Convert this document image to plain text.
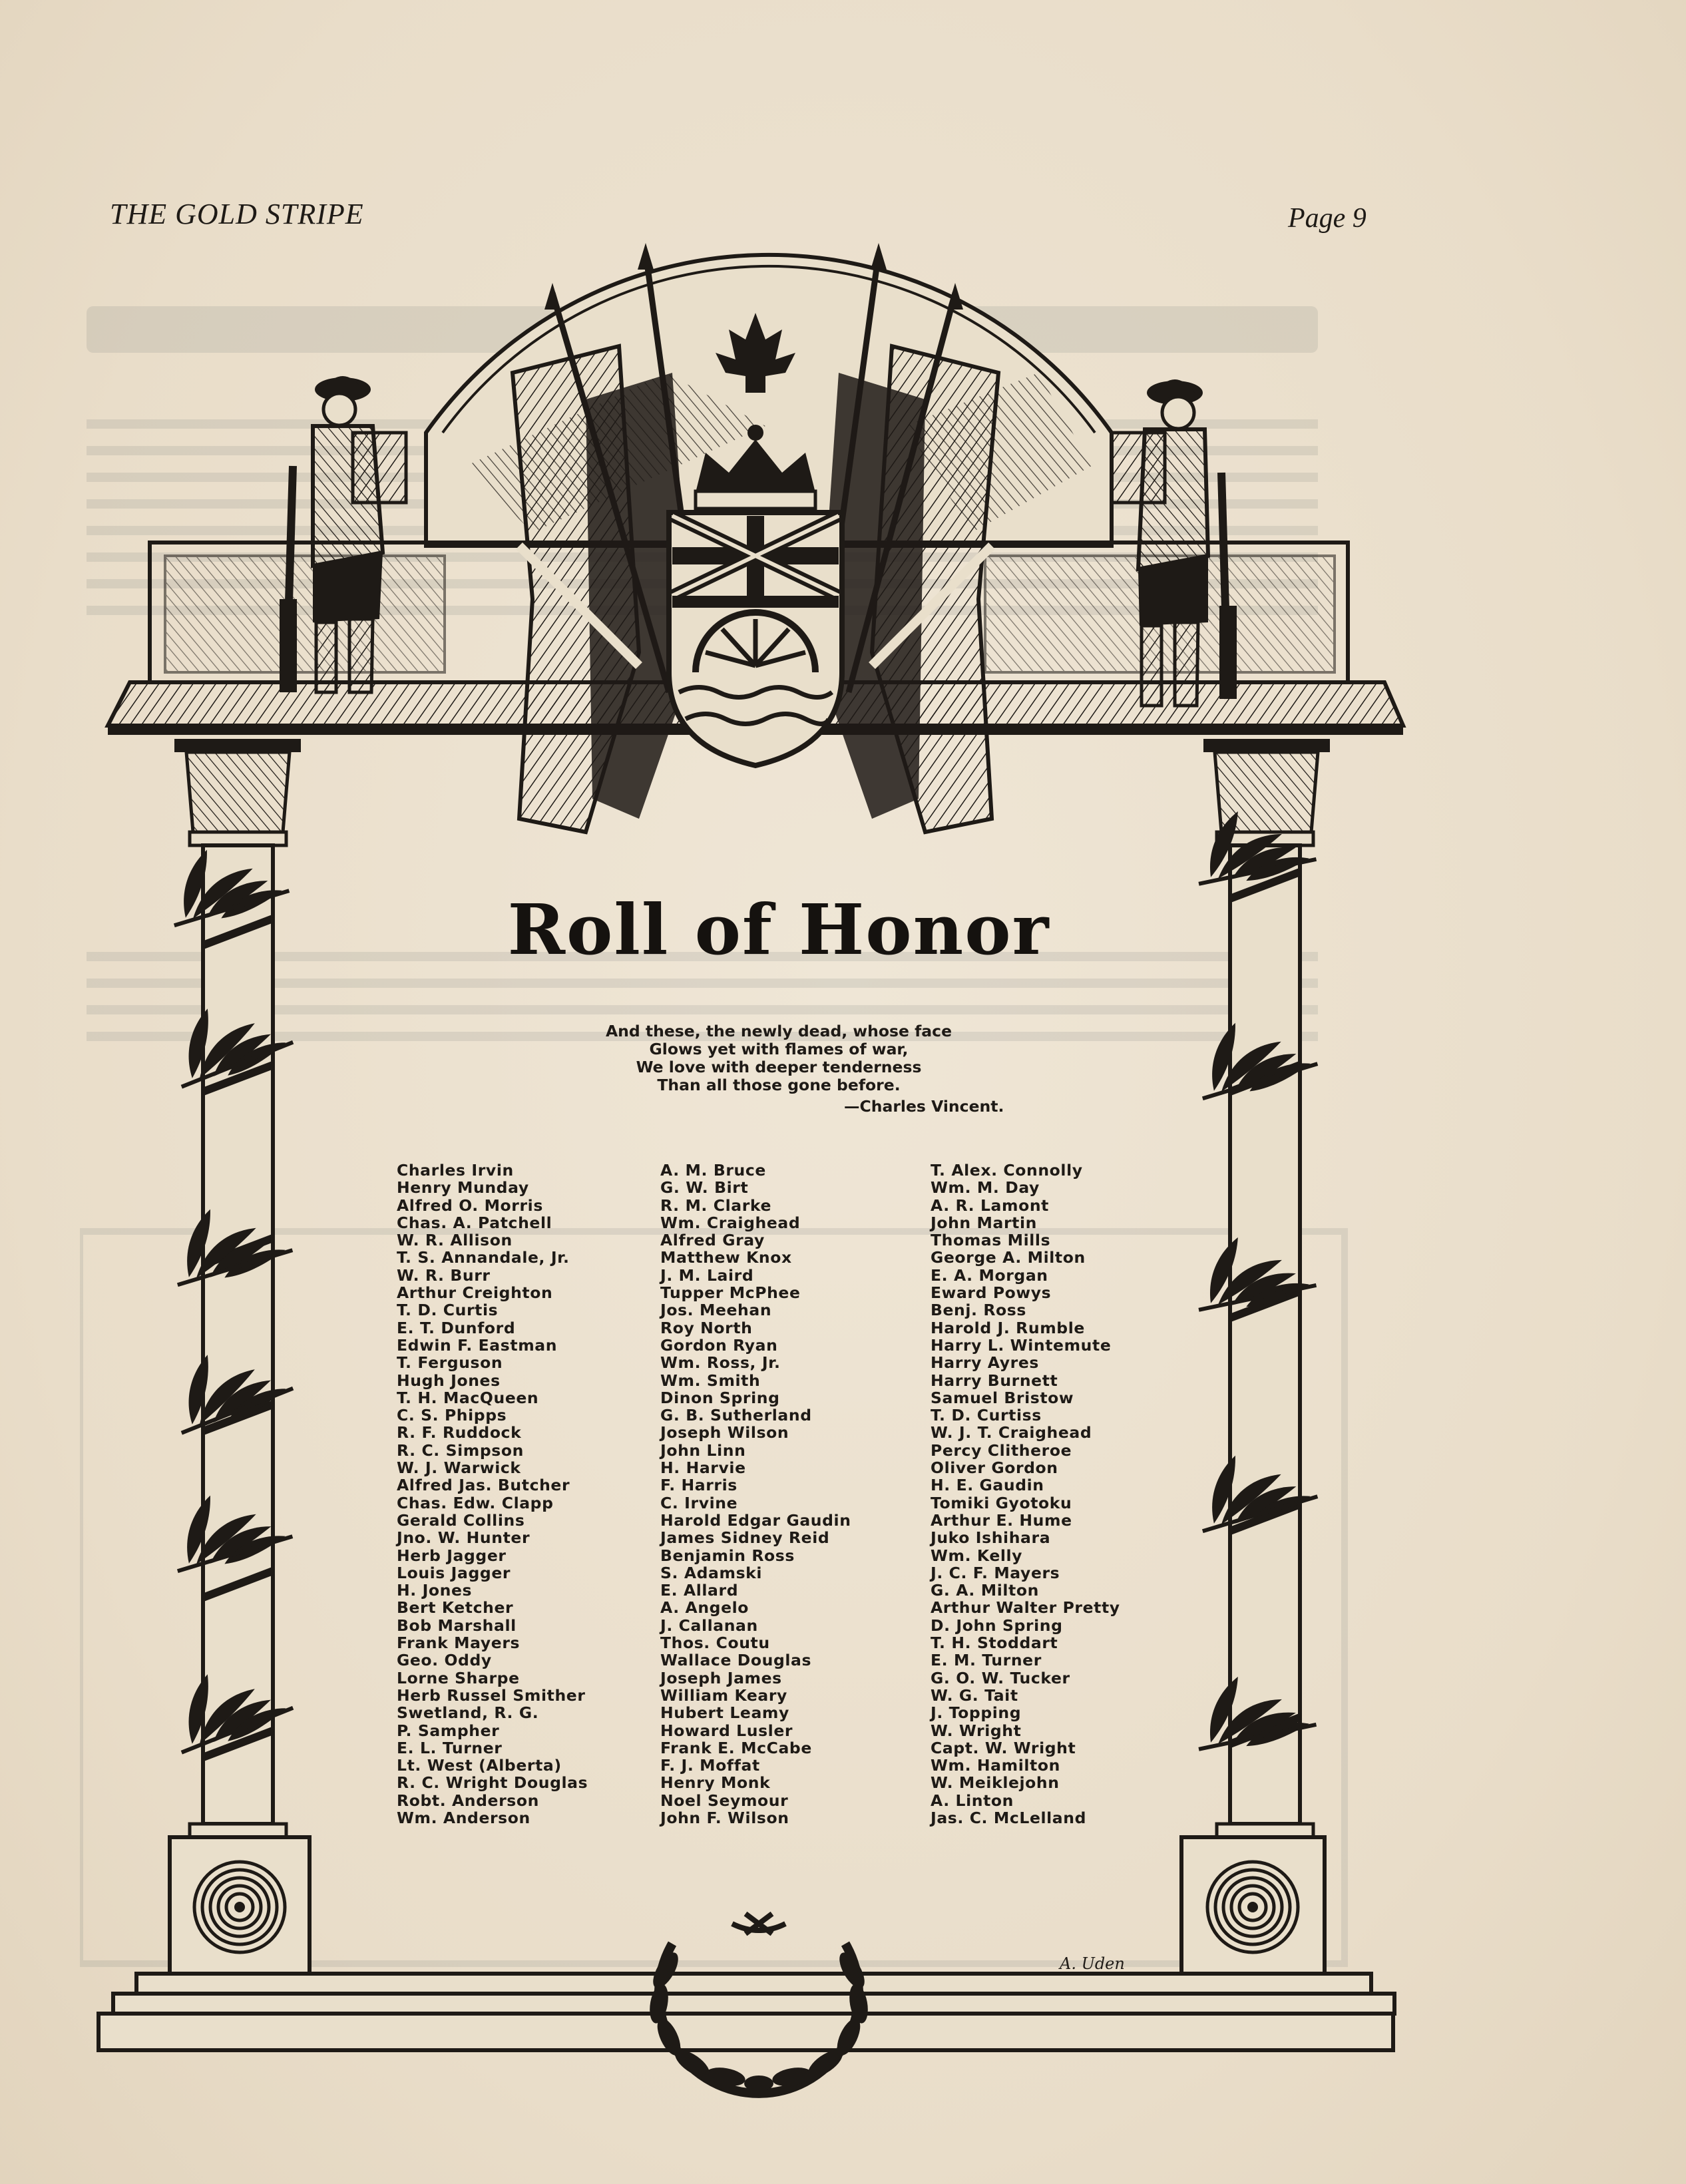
THE GOLD STRIPE	Page 9
Roll of Honor
And these, the newly dead, whose face
Glows yet with flames of war,
We love with deeper tenderness
Than all those gone before.
—Charles Vincent.
Charles Irvin
Henry Munday
Alfred O. Morris
Chas. A. Patchell
W. R. Allison
T. S. Annandale, Jr.
W. R. Burr
Arthur Creighton
T. D. Curtis
E. T. Dunford
Edwin F. Eastman
T. Ferguson
Hugh Jones
T. H. MacQueen
C. S. Phipps
R. F. Ruddock
R. C. Simpson
W. J. Warwick
Alfred Jas. Butcher
Chas. Edw. Clapp
Gerald Collins
Jno. W. Hunter
Herb Jagger
Louis Jagger
H. Jones
Bert Ketcher
Bob Marshall
Frank Mayers
Geo. Oddy
Lorne Sharpe
Herb Russel Smither
Swetland, R. G.
P. Sampher
E. L. Turner
Lt. West (Alberta)
R. C. Wright Douglas
Robt. Anderson
Wm. Anderson
A. M. Bruce
G. W. Birt
R. M. Clarke
Wm. Craighead
Alfred Gray
Matthew Knox
J. M. Laird
Tupper McPhee
Jos. Meehan
Roy North
Gordon Ryan
Wm. Ross, Jr.
Wm. Smith
Dinon Spring
G. B. Sutherland
Joseph Wilson
John Linn
H. Harvie
F. Harris
C. Irvine
Harold Edgar Gaudin
James Sidney Reid
Benjamin Ross
S. Adamski
E. Allard
A. Angelo
J. Callanan
Thos. Coutu
Wallace Douglas
Joseph James
William Keary
Hubert Leamy
Howard Lusler
Frank E. McCabe
F. J. Moffat
Henry Monk
Noel Seymour
John F. Wilson
T. Alex. Connolly
Wm. M. Day
A. R. Lamont
John Martin
Thomas Mills
George A. Milton
E. A. Morgan
Eward Powys
Benj. Ross
Harold J. Rumble
Harry L. Wintemute
Harry Ayres
Harry Burnett
Samuel Bristow
T. D. Curtiss
W. J. T. Craighead
Percy Clitheroe
Oliver Gordon
H. E. Gaudin
Tomiki Gyotoku
Arthur E. Hume
Juko Ishihara
Wm. Kelly
J. C. F. Mayers
G. A. Milton
Arthur Walter Pretty
D. John Spring
T. H. Stoddart
E. M. Turner
G. O. W. Tucker
W. G. Tait
J. Topping
W. Wright
Capt. W. Wright
Wm. Hamilton
W. Meiklejohn
A. Linton
Jas. C. McLelland
A. Uden
